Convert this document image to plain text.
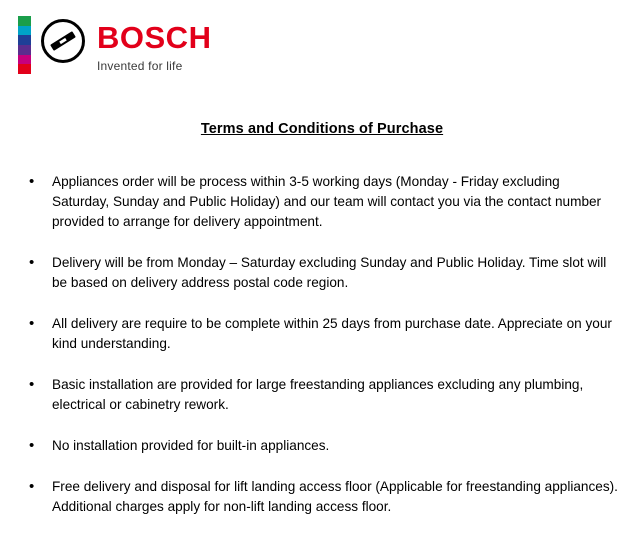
BOSCH
Invented for life
Terms and Conditions of Purchase
•	Appliances order will be process within 3-5 working days (Monday - Friday excluding Saturday, Sunday and Public Holiday) and our team will contact you via the contact number provided to arrange for delivery appointment.
•	Delivery will be from Monday – Saturday excluding Sunday and Public Holiday. Time slot will be based on delivery address postal code region.
•	All delivery are require to be complete within 25 days from purchase date. Appreciate on your kind understanding.
•	Basic installation are provided for large freestanding appliances excluding any plumbing, electrical or cabinetry rework.
•	No installation provided for built-in appliances.
•	Free delivery and disposal for lift landing access floor (Applicable for freestanding appliances). Additional charges apply for non-lift landing access floor.
